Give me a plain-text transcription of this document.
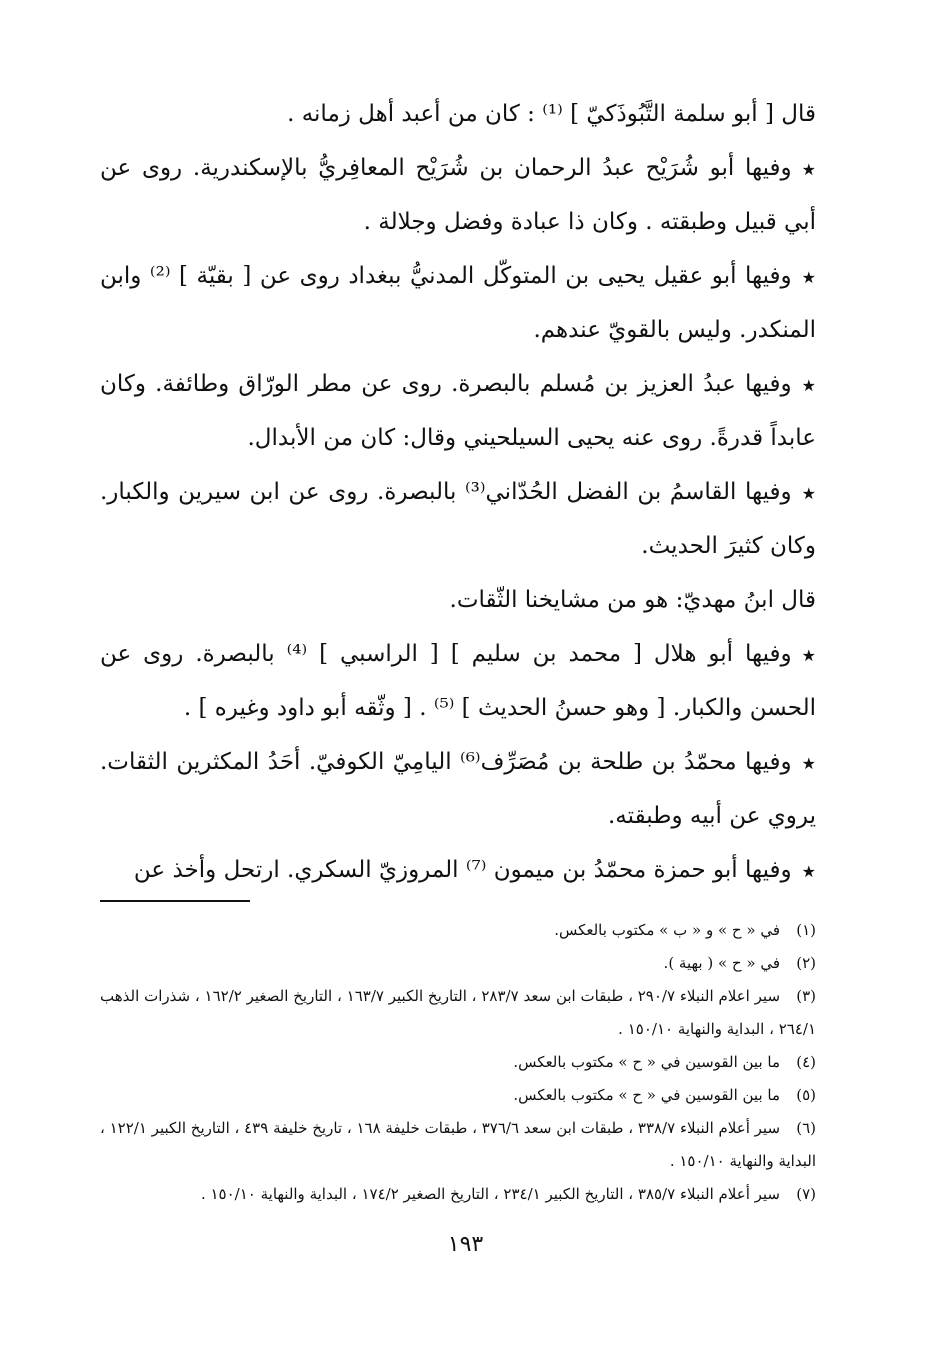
قال [ أبو سلمة التَّبُوذَكيّ ] ⁽¹⁾ : كان من أعبد أهل زمانه .

★وفيها أبو شُرَيْح عبدُ الرحمان بن شُرَيْح المعافِريُّ بالإسكندرية. روى عن أبي قبيل وطبقته . وكان ذا عبادة وفضل وجلالة .

★وفيها أبو عقيل يحيى بن المتوكّل المدنيُّ ببغداد روى عن [ بقيّة ] ⁽²⁾ وابن المنكدر. وليس بالقويّ عندهم.

★وفيها عبدُ العزيز بن مُسلم بالبصرة. روى عن مطر الورّاق وطائفة. وكان عابداً قدرةً. روى عنه يحيى السيلحيني وقال: كان من الأبدال.

★وفيها القاسمُ بن الفضل الحُدّاني⁽³⁾ بالبصرة. روى عن ابن سيرين والكبار. وكان كثيرَ الحديث.

قال ابنُ مهديّ: هو من مشايخنا الثّقات.

★وفيها أبو هلال [ محمد بن سليم ] [ الراسبي ] ⁽⁴⁾ بالبصرة. روى عن الحسن والكبار. [ وهو حسنُ الحديث ] ⁽⁵⁾ . [ وثّقه أبو داود وغيره ] .

★وفيها محمّدُ بن طلحة بن مُصَرِّف⁽⁶⁾ اليامِيّ الكوفيّ. أحَدُ المكثرين الثقات. يروي عن أبيه وطبقته.

★وفيها أبو حمزة محمّدُ بن ميمون ⁽⁷⁾ المروزيّ السكري. ارتحل وأخذ عن

(١)في « ح » و « ب » مكتوب بالعكس.
(٢)في « ح » ( بهية ).
(٣)سير اعلام النبلاء ٢٩٠/٧ ، طبقات ابن سعد ٢٨٣/٧ ، التاريخ الكبير ١٦٣/٧ ، التاريخ الصغير ١٦٢/٢ ، شذرات الذهب ٢٦٤/١ ، البداية والنهاية ١٥٠/١٠ .
(٤)ما بين القوسين في « ح » مكتوب بالعكس.
(٥)ما بين القوسين في « ح » مكتوب بالعكس.
(٦)سير أعلام النبلاء ٣٣٨/٧ ، طبقات ابن سعد ٣٧٦/٦ ، طبقات خليفة ١٦٨ ، تاريخ خليفة ٤٣٩ ، التاريخ الكبير ١٢٢/١ ، البداية والنهاية ١٥٠/١٠ .
(٧)سير أعلام النبلاء ٣٨٥/٧ ، التاريخ الكبير ٢٣٤/١ ، التاريخ الصغير ١٧٤/٢ ، البداية والنهاية ١٥٠/١٠ .
١٩٣
